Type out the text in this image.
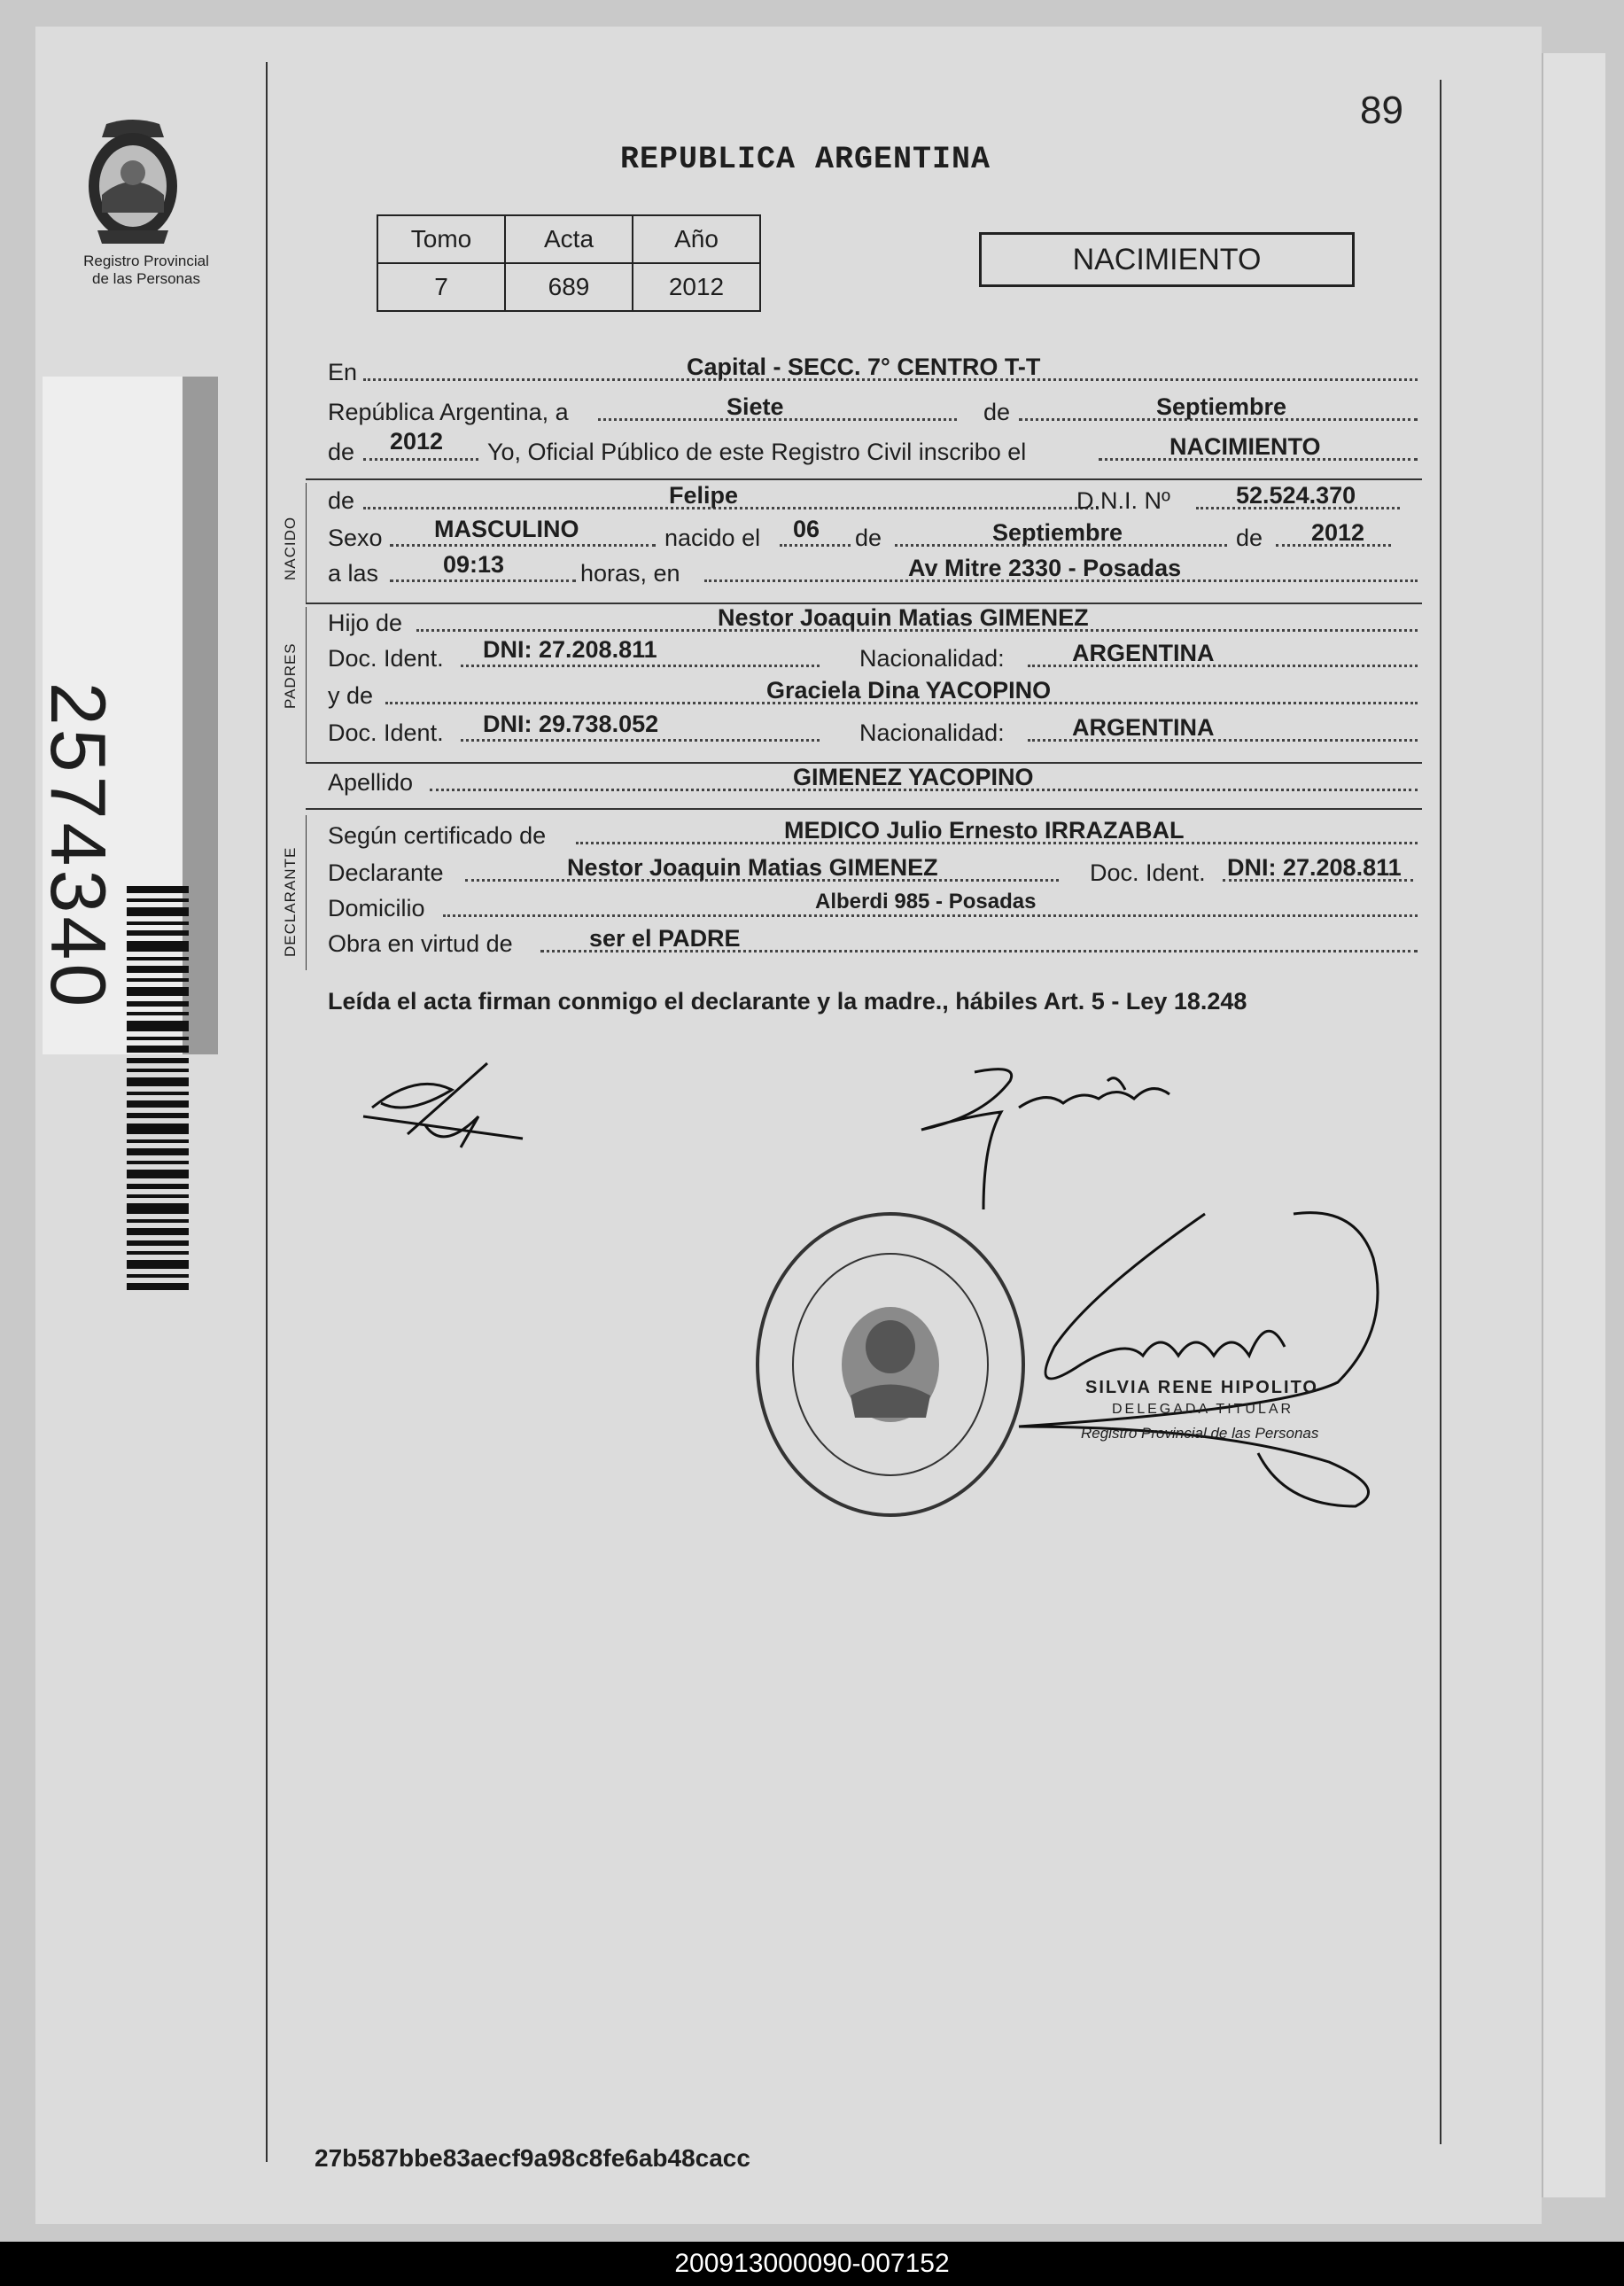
Registro Provincial
de las Personas
2574340
89
REPUBLICA ARGENTINA
Tomo	Acta	Año
7	689	2012
NACIMIENTO
En	Capital - SECC. 7° CENTRO T-T
República Argentina, a	Siete	de	Septiembre
de 2012 Yo, Oficial Público de este Registro Civil inscribo el	NACIMIENTO
NACIDO
de	Felipe	D.N.I. Nº	52.524.370
Sexo MASCULINO	nacido el 06 de	Septiembre	de 2012
a las	09:13	horas, en	Av Mitre 2330 - Posadas
PADRES
Hijo de	Nestor Joaquin Matias GIMENEZ
Doc. Ident. DNI: 27.208.811	Nacionalidad:	ARGENTINA
y de	Graciela Dina YACOPINO
Doc. Ident. DNI: 29.738.052	Nacionalidad:	ARGENTINA
Apellido	GIMENEZ YACOPINO
DECLARANTE
Según certificado de	MEDICO Julio Ernesto IRRAZABAL
Declarante	Nestor Joaquin Matias GIMENEZ	Doc. Ident. DNI: 27.208.811
Domicilio	Alberdi 985 - Posadas
Obra en virtud de	ser el PADRE
Leída el acta firman conmigo el declarante y la madre., hábiles Art. 5 - Ley 18.248
SILVIA RENE HIPOLITO
DELEGADA TITULAR
Registro Provincial de las Personas
27b587bbe83aecf9a98c8fe6ab48cacc
200913000090-007152
